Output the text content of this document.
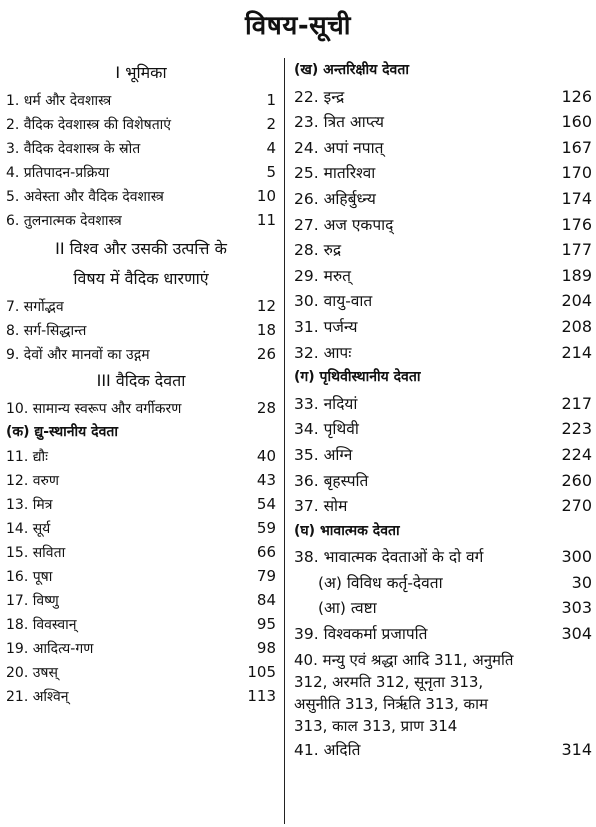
विषय-सूची
I भूमिका
1. धर्म और देवशास्त्र	1
2. वैदिक देवशास्त्र की विशेषताएं	2
3. वैदिक देवशास्त्र के स्रोत	4
4. प्रतिपादन-प्रक्रिया	5
5. अवेस्ता और वैदिक देवशास्त्र	10
6. तुलनात्मक देवशास्त्र	11
II विश्व और उसकी उत्पत्ति के
विषय में वैदिक धारणाएं
7. सर्गोद्भव	12
8. सर्ग-सिद्धान्त	18
9. देवों और मानवों का उद्गम	26
III वैदिक देवता
10. सामान्य स्वरूप और वर्गीकरण	28
(क) द्यु-स्थानीय देवता
11. द्यौः	40
12. वरुण	43
13. मित्र	54
14. सूर्य	59
15. सविता	66
16. पूषा	79
17. विष्णु	84
18. विवस्वान्	95
19. आदित्य-गण	98
20. उषस्	105
21. अश्विन्	113
(ख) अन्तरिक्षीय देवता
22. इन्द्र	126
23. त्रित आप्त्य	160
24. अपां नपात्	167
25. मातरिश्वा	170
26. अहिर्बुध्न्य	174
27. अज एकपाद्	176
28. रुद्र	177
29. मरुत्	189
30. वायु-वात	204
31. पर्जन्य	208
32. आपः	214
(ग) पृथिवीस्थानीय देवता
33. नदियां	217
34. पृथिवी	223
35. अग्नि	224
36. बृहस्पति	260
37. सोम	270
(घ) भावात्मक देवता
38. भावात्मक देवताओं के दो वर्ग	300
(अ) विविध कर्तृ-देवता	30
(आ) त्वष्टा	303
39. विश्वकर्मा प्रजापति	304
40. मन्यु एवं श्रद्धा आदि 311, अनुमति
312, अरमति 312, सूनृता 313,
असुनीति 313, निर्ऋति 313, काम
313, काल 313, प्राण 314
41. अदिति	314
